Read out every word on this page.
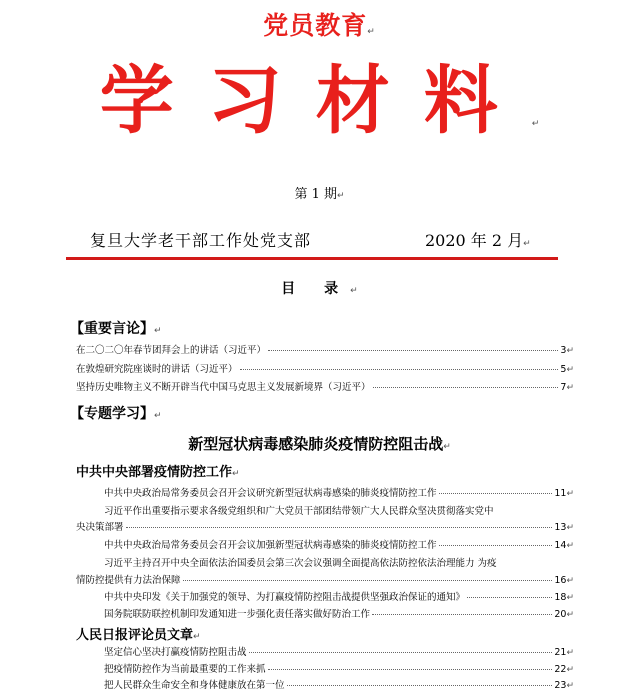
党员教育↵
学习材料↵
第 1 期↵
复旦大学老干部工作处党支部	2020 年 2 月↵
目 录↵
【重要言论】↵
在二〇二〇年春节团拜会上的讲话（习近平）	3 ↵
在敦煌研究院座谈时的讲话（习近平）	5 ↵
坚持历史唯物主义不断开辟当代中国马克思主义发展新境界（习近平）	7 ↵
【专题学习】↵
新型冠状病毒感染肺炎疫情防控阻击战↵
中共中央部署疫情防控工作↵
中共中央政治局常务委员会召开会议研究新型冠状病毒感染的肺炎疫情防控工作	11 ↵
习近平作出重要指示要求各级党组织和广大党员干部团结带领广大人民群众坚决贯彻落实党中
央决策部署	13 ↵
中共中央政治局常务委员会召开会议加强新型冠状病毒感染的肺炎疫情防控工作	14 ↵
习近平主持召开中央全面依法治国委员会第三次会议强调全面提高依法防控依法治理能力 为疫
情防控提供有力法治保障	16 ↵
中共中央印发《关于加强党的领导、为打赢疫情防控阻击战提供坚强政治保证的通知》	18 ↵
国务院联防联控机制印发通知进一步强化责任落实做好防治工作	20 ↵
人民日报评论员文章↵
坚定信心坚决打赢疫情防控阻击战	21 ↵
把疫情防控作为当前最重要的工作来抓	22 ↵
把人民群众生命安全和身体健康放在第一位	23 ↵
